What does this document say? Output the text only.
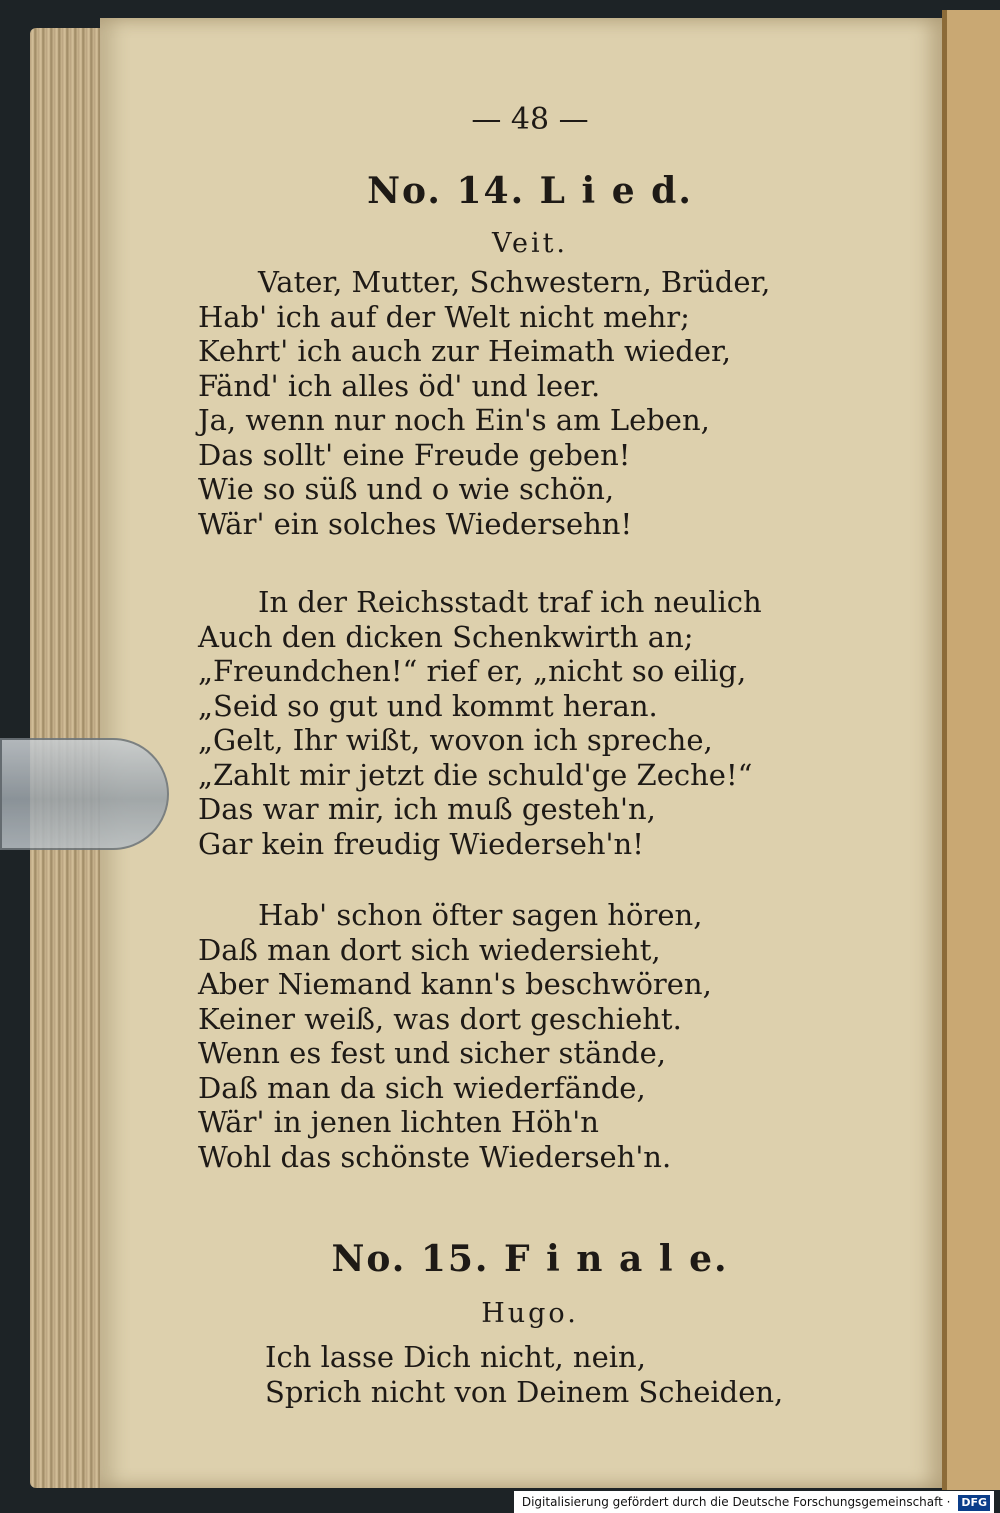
— 48 —
No. 14. L i e d.
Veit.
Vater, Mutter, Schwestern, Brüder,
Hab' ich auf der Welt nicht mehr;
Kehrt' ich auch zur Heimath wieder,
Fänd' ich alles öd' und leer.
Ja, wenn nur noch Ein's am Leben,
Das sollt' eine Freude geben!
Wie so süß und o wie schön,
Wär' ein solches Wiedersehn!
In der Reichsstadt traf ich neulich
Auch den dicken Schenkwirth an;
„Freundchen!“ rief er, „nicht so eilig,
„Seid so gut und kommt heran.
„Gelt, Ihr wißt, wovon ich spreche,
„Zahlt mir jetzt die schuld'ge Zeche!“
Das war mir, ich muß gesteh'n,
Gar kein freudig Wiederseh'n!
Hab' schon öfter sagen hören,
Daß man dort sich wiedersieht,
Aber Niemand kann's beschwören,
Keiner weiß, was dort geschieht.
Wenn es fest und sicher stände,
Daß man da sich wiederfände,
Wär' in jenen lichten Höh'n
Wohl das schönste Wiederseh'n.
No. 15. F i n a l e.
Hugo.
Ich lasse Dich nicht, nein,
Sprich nicht von Deinem Scheiden,
Digitalisierung gefördert durch die Deutsche Forschungsgemeinschaft · DFG
